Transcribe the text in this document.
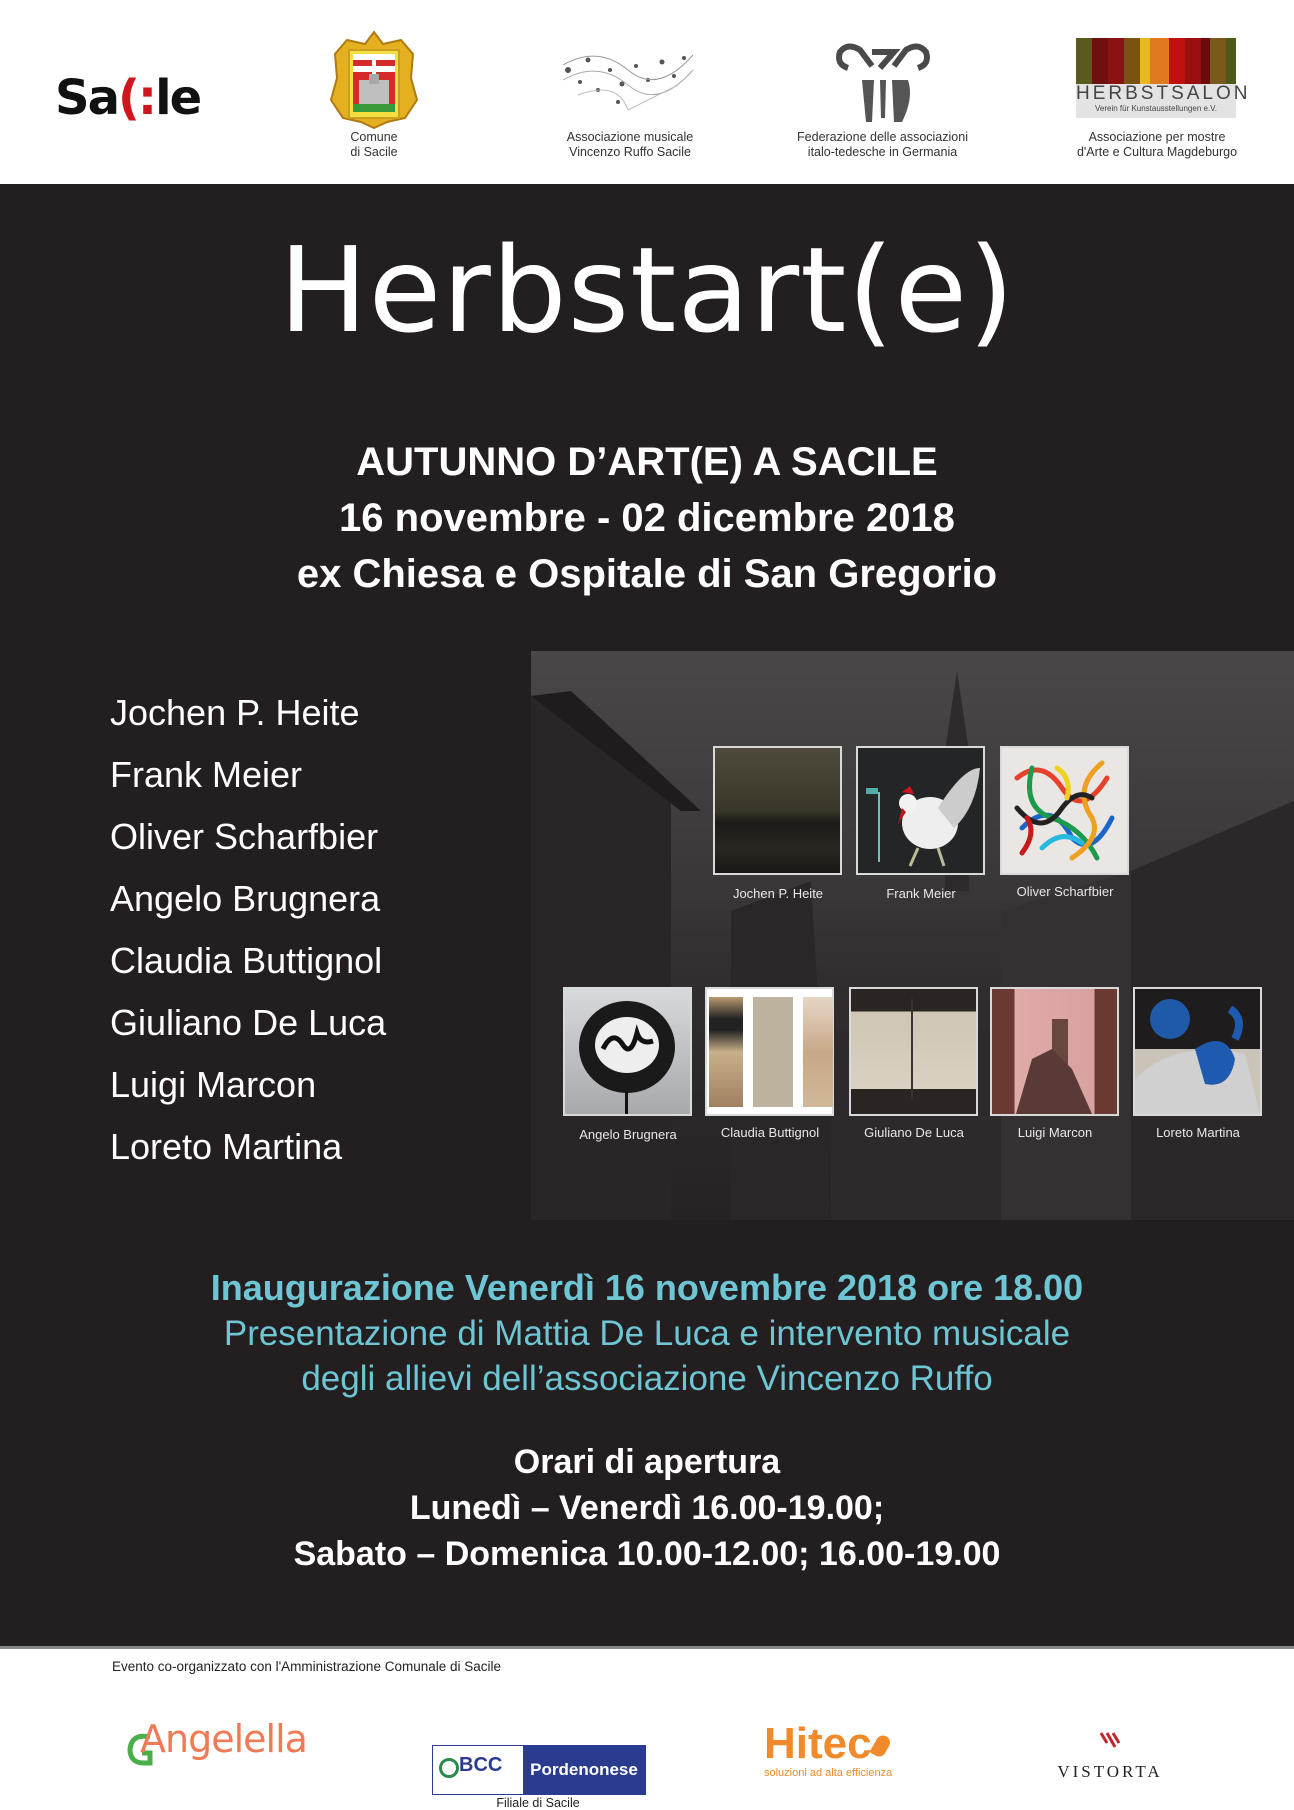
Sa(:le
Comune
di Sacile
Associazione musicale
Vincenzo Ruffo Sacile
Federazione delle associazioni
italo-tedesche in Germania
HERBSTSALON
Verein für Kunstausstellungen e.V.
Associazione per mostre
d'Arte e Cultura Magdeburgo
Herbstart(e)
AUTUNNO D’ART(E) A SACILE
16 novembre - 02 dicembre 2018
ex Chiesa e Ospitale di San Gregorio
Jochen P. Heite
Frank Meier
Oliver Scharfbier
Angelo Brugnera
Claudia Buttignol
Giuliano De Luca
Luigi Marcon
Loreto Martina
Jochen P. Heite	Frank Meier	Oliver Scharfbier
Angelo Brugnera	Claudia Buttignol	Giuliano De Luca	Luigi Marcon	Loreto Martina
Inaugurazione Venerdì 16 novembre 2018 ore 18.00
Presentazione di Mattia De Luca e intervento musicale
degli allievi dell’associazione Vincenzo Ruffo
Orari di apertura
Lunedì – Venerdì 16.00-19.00;
Sabato – Domenica 10.00-12.00; 16.00-19.00
Evento co-organizzato con l'Amministrazione Comunale di Sacile
Angelella
BCC	Pordenonese
Filiale di Sacile
Hitec
soluzioni ad alta efficienza	VISTORTA
